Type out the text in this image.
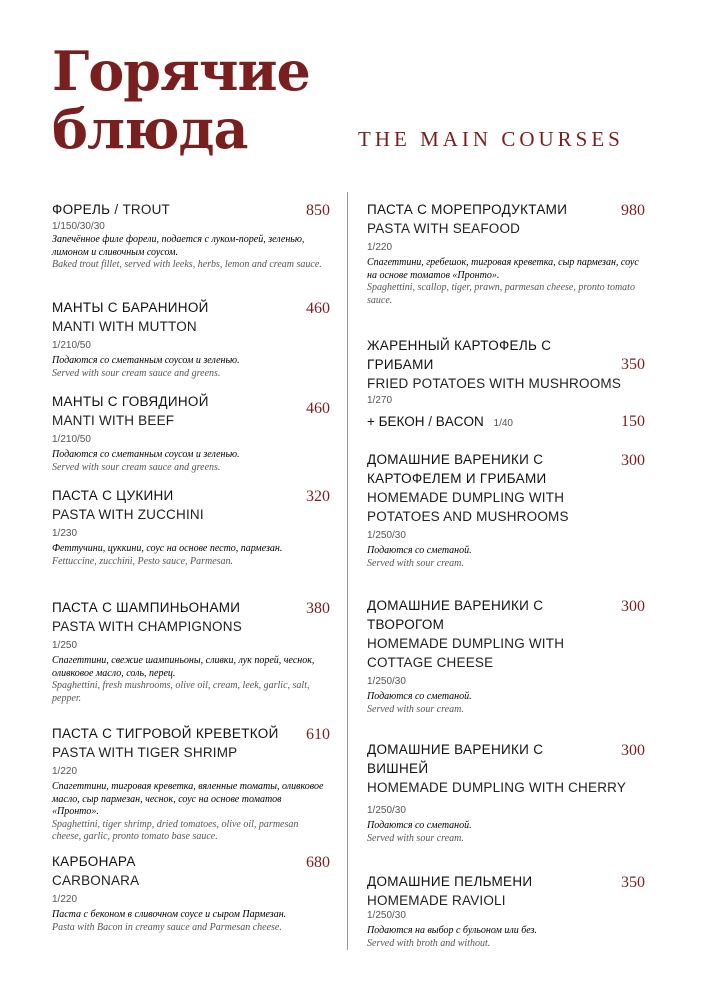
Горячие
блюда	THE MAIN COURSES
ФОРЕЛЬ / TROUT	850
1/150/30/30
Запечённое филе форели, подается с луком-порей, зеленью, лимоном и сливочным соусом.
Baked trout fillet, served with leeks, herbs, lemon and cream sauce.
МАНТЫ С БАРАНИНОЙ
MANTI WITH MUTTON
460
1/210/50
Подаются со сметанным соусом и зеленью.
Served with sour cream sauce and greens.
МАНТЫ С ГОВЯДИНОЙ
MANTI WITH BEEF
460
1/210/50
Подаются со сметанным соусом и зеленью.
Served with sour cream sauce and greens.
ПАСТА С ЦУКИНИ
PASTA WITH ZUCCHINI
320
1/230
Феттучини, цуккини, соус на основе песто, пармезан.
Fettuccine, zucchini, Pesto sauce, Parmesan.
ПАСТА С ШАМПИНЬОНАМИ
PASTA WITH CHAMPIGNONS
380
1/250
Спагеттини, свежие шампиньоны, сливки, лук порей, чеснок, оливковое масло, соль, перец.
Spaghettini, fresh mushrooms, olive oil, cream, leek, garlic, salt, pepper.
ПАСТА С ТИГРОВОЙ КРЕВЕТКОЙ
PASTA WITH TIGER SHRIMP
610
1/220
Спагеттини, тигровая креветка, вяленные томаты, оливковое масло, сыр пармезан, чеснок, соус на основе томатов «Пронто».
Spaghettini, tiger shrimp, dried tomatoes, olive oil, parmesan cheese, garlic, pronto tomato base sauce.
КАРБОНАРА
CARBONARA
680
1/220
Паста с беконом в сливочном соусе и сыром Пармезан.
Pasta with Bacon in creamy sauce and Parmesan cheese.
ПАСТА С МОРЕПРОДУКТАМИ
PASTA WITH SEAFOOD
980
1/220
Спагеттини, гребешок, тигровая креветка, сыр пармезан, соус на основе томатов «Пронто».
Spaghettini, scallop, tiger, prawn, parmesan cheese, pronto tomato sauce.
ЖАРЕННЫЙ КАРТОФЕЛЬ С ГРИБАМИ
FRIED POTATOES WITH MUSHROOMS
350
1/270
+ БЕКОН / BACON 1/40	150
ДОМАШНИЕ ВАРЕНИКИ С КАРТОФЕЛЕМ И ГРИБАМИ
HOMEMADE DUMPLING WITH POTATOES AND MUSHROOMS
300
1/250/30
Подаются со сметаной.
Served with sour cream.
ДОМАШНИЕ ВАРЕНИКИ С ТВОРОГОМ
HOMEMADE DUMPLING WITH COTTAGE CHEESE
300
1/250/30
Подаются со сметаной.
Served with sour cream.
ДОМАШНИЕ ВАРЕНИКИ С ВИШНЕЙ
HOMEMADE DUMPLING WITH CHERRY
300
1/250/30
Подаются со сметаной.
Served with sour cream.
ДОМАШНИЕ ПЕЛЬМЕНИ
HOMEMADE RAVIOLI
350
1/250/30
Подаются на выбор с бульоном или без.
Served with broth and without.
